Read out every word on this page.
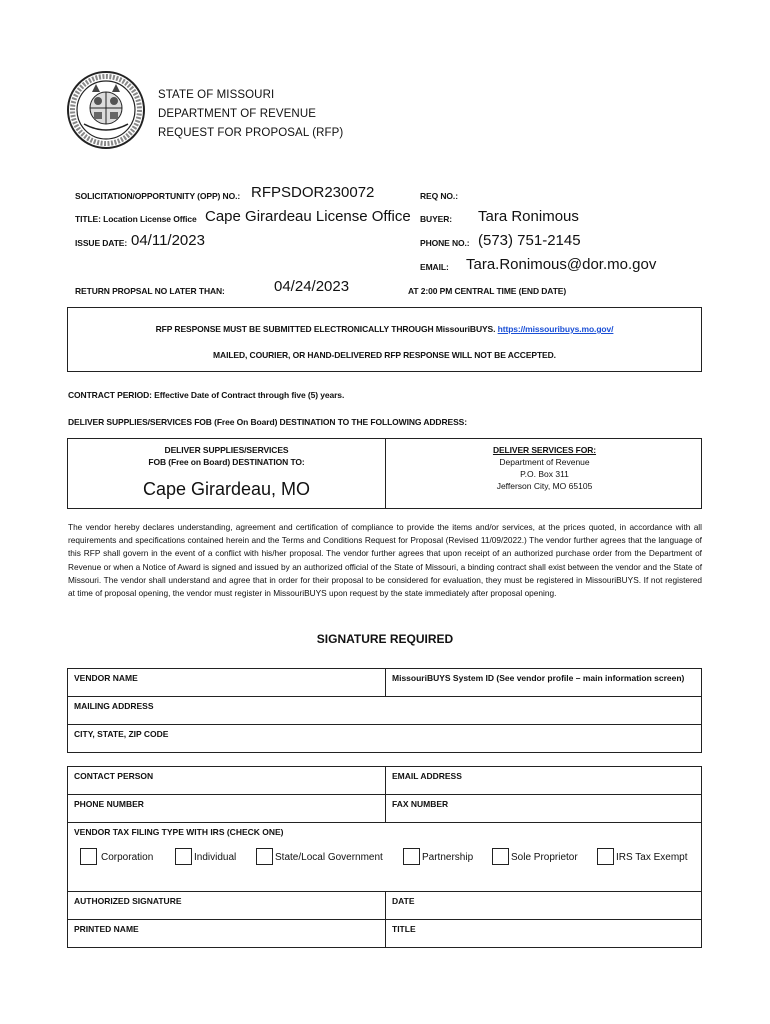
STATE OF MISSOURI
DEPARTMENT OF REVENUE
REQUEST FOR PROPOSAL (RFP)
SOLICITATION/OPPORTUNITY (OPP) NO.: RFPSDOR230072	REQ NO.:
TITLE: Location License Office Cape Girardeau License Office BUYER: Tara Ronimous
ISSUE DATE: 04/11/2023	PHONE NO.: (573) 751-2145
EMAIL: Tara.Ronimous@dor.mo.gov
RETURN PROPSAL NO LATER THAN:	04/24/2023	AT 2:00 PM CENTRAL TIME (END DATE)
RFP RESPONSE MUST BE SUBMITTED ELECTRONICALLY THROUGH MissouriBUYS. https://missouribuys.mo.gov/
MAILED, COURIER, OR HAND-DELIVERED RFP RESPONSE WILL NOT BE ACCEPTED.
CONTRACT PERIOD: Effective Date of Contract through five (5) years.
DELIVER SUPPLIES/SERVICES FOB (Free On Board) DESTINATION TO THE FOLLOWING ADDRESS:
DELIVER SUPPLIES/SERVICES
FOB (Free on Board) DESTINATION TO:
Cape Girardeau, MO
DELIVER SERVICES FOR:
Department of Revenue
P.O. Box 311
Jefferson City, MO 65105
The vendor hereby declares understanding, agreement and certification of compliance to provide the items and/or services, at the prices quoted, in accordance with all requirements and specifications contained herein and the Terms and Conditions Request for Proposal (Revised 11/09/2022.) The vendor further agrees that the language of this RFP shall govern in the event of a conflict with his/her proposal. The vendor further agrees that upon receipt of an authorized purchase order from the Department of Revenue or when a Notice of Award is signed and issued by an authorized official of the State of Missouri, a binding contract shall exist between the vendor and the State of Missouri. The vendor shall understand and agree that in order for their proposal to be considered for evaluation, they must be registered in MissouriBUYS. If not registered at time of proposal opening, the vendor must register in MissouriBUYS upon request by the state immediately after proposal opening.
SIGNATURE REQUIRED
VENDOR NAME	MissouriBUYS System ID (See vendor profile – main information screen)
MAILING ADDRESS
CITY, STATE, ZIP CODE
CONTACT PERSON	EMAIL ADDRESS
PHONE NUMBER	FAX NUMBER
VENDOR TAX FILING TYPE WITH IRS (CHECK ONE)
Corporation	Individual	State/Local Government	Partnership	Sole Proprietor	IRS Tax Exempt
AUTHORIZED SIGNATURE	DATE
PRINTED NAME	TITLE
